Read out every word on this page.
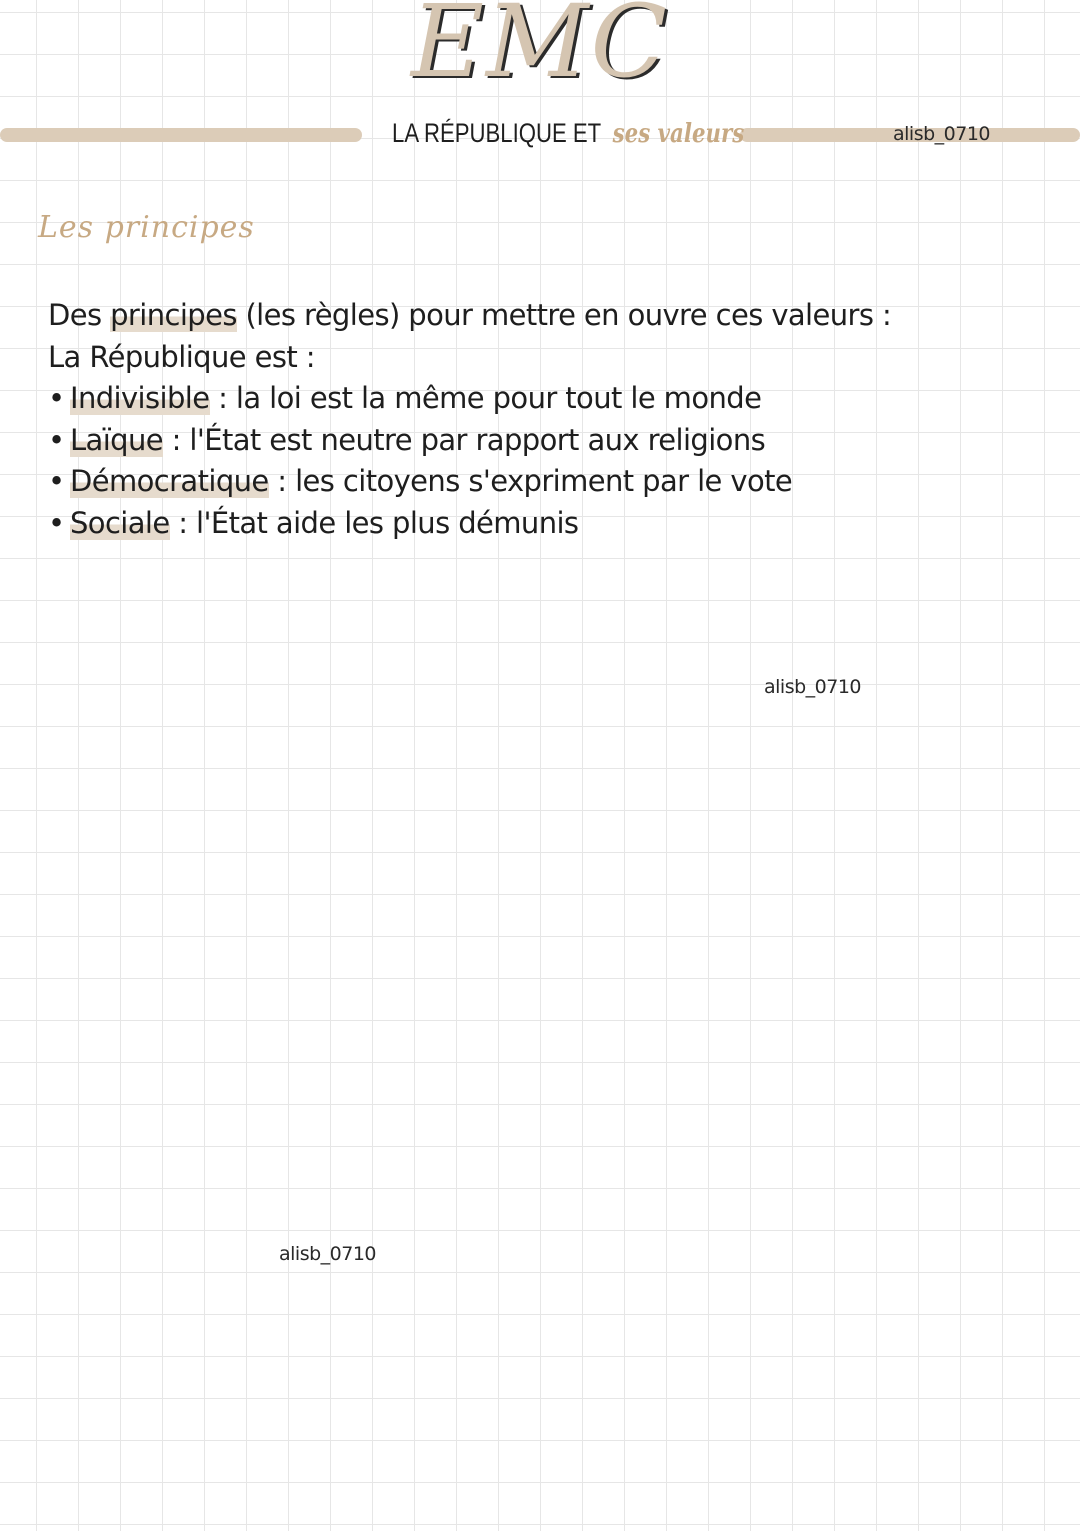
EMC
LA RÉPUBLIQUE ET ses valeurs	alisb_0710
Les principes
Des principes (les règles) pour mettre en ouvre ces valeurs :
La République est :
• Indivisible : la loi est la même pour tout le monde
• Laïque : l'État est neutre par rapport aux religions
• Démocratique : les citoyens s'expriment par le vote
• Sociale : l'État aide les plus démunis
alisb_0710
alisb_0710
